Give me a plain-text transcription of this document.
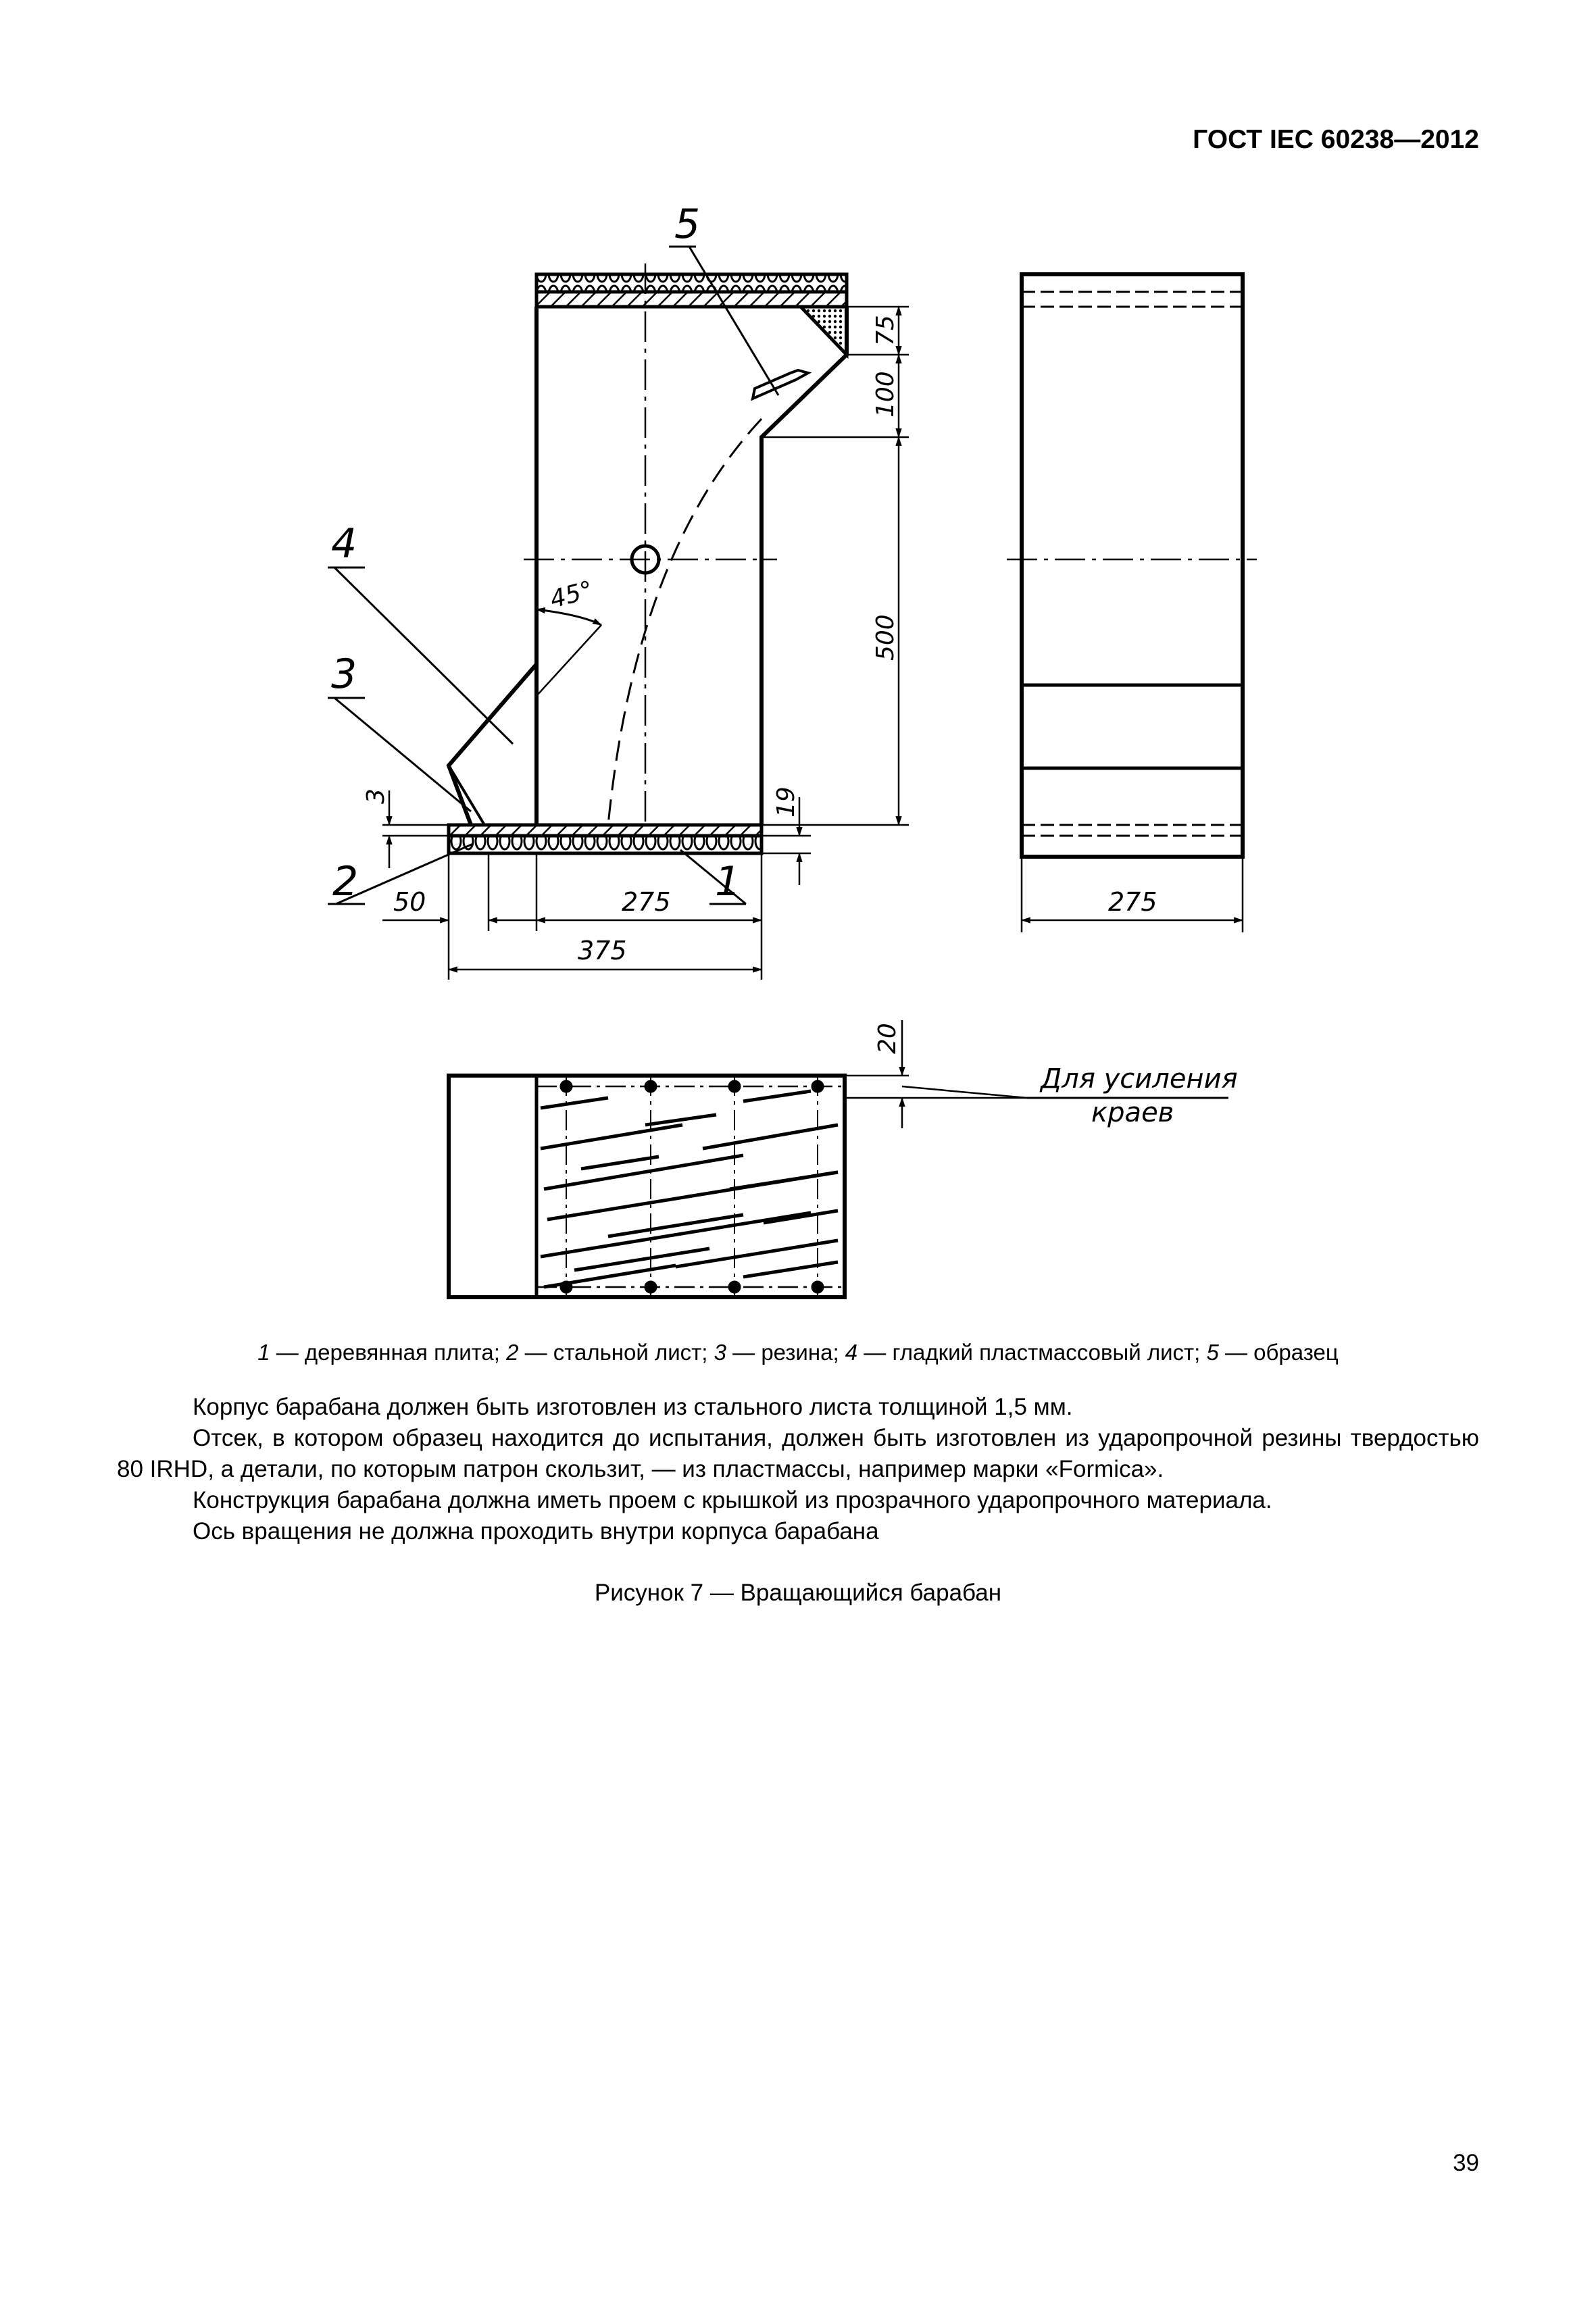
ГОСТ IEC 60238—2012
5
4
3
2	1
45°
75
100
500
19
3
50	275
375
275
20
Для усиления
краев
1 — деревянная плита; 2 — стальной лист; 3 — резина; 4 — гладкий пластмассовый лист; 5 — образец

Корпус барабана должен быть изготовлен из стального листа толщиной 1,5 мм.

Отсек, в котором образец находится до испытания, должен быть изготовлен из ударопрочной резины твердостью 80 IRHD, а детали, по которым патрон скользит, — из пластмассы, например марки «Formica».

Конструкция барабана должна иметь проем с крышкой из прозрачного ударопрочного материала.

Ось вращения не должна проходить внутри корпуса барабана

Рисунок 7 — Вращающийся барабан
39
